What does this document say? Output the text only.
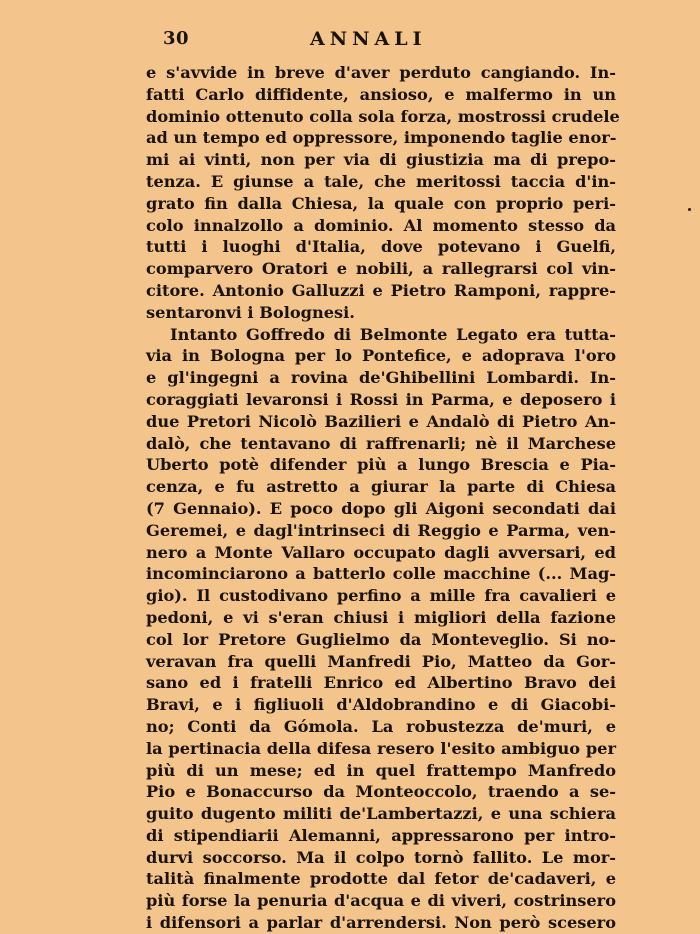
30	ANNALI
e s'avvide in breve d'aver perduto cangiando. In-
fatti Carlo diffidente, ansioso, e malfermo in un
dominio ottenuto colla sola forza, mostrossi crudele
ad un tempo ed oppressore, imponendo taglie enor-
mi ai vinti, non per via di giustizia ma di prepo-
tenza. E giunse a tale, che meritossi taccia d'in-
grato fin dalla Chiesa, la quale con proprio peri-
colo innalzollo a dominio. Al momento stesso da
tutti i luoghi d'Italia, dove potevano i Guelfi,
comparvero Oratori e nobili, a rallegrarsi col vin-
citore. Antonio Galluzzi e Pietro Ramponi, rappre-
sentaronvi i Bolognesi.
Intanto Goffredo di Belmonte Legato era tutta-
via in Bologna per lo Pontefice, e adoprava l'oro
e gl'ingegni a rovina de'Ghibellini Lombardi. In-
coraggiati levaronsi i Rossi in Parma, e deposero i
due Pretori Nicolò Bazilieri e Andalò di Pietro An-
dalò, che tentavano di raffrenarli; nè il Marchese
Uberto potè difender più a lungo Brescia e Pia-
cenza, e fu astretto a giurar la parte di Chiesa
(7 Gennaio). E poco dopo gli Aigoni secondati dai
Geremei, e dagl'intrinseci di Reggio e Parma, ven-
nero a Monte Vallaro occupato dagli avversari, ed
incominciarono a batterlo colle macchine (... Mag-
gio). Il custodivano perfino a mille fra cavalieri e
pedoni, e vi s'eran chiusi i migliori della fazione
col lor Pretore Guglielmo da Monteveglio. Si no-
veravan fra quelli Manfredi Pio, Matteo da Gor-
sano ed i fratelli Enrico ed Albertino Bravo dei
Bravi, e i figliuoli d'Aldobrandino e di Giacobi-
no; Conti da Gómola. La robustezza de'muri, e
la pertinacia della difesa resero l'esito ambiguo per
più di un mese; ed in quel frattempo Manfredo
Pio e Bonaccurso da Monteoccolo, traendo a se-
guito dugento militi de'Lambertazzi, e una schiera
di stipendiarii Alemanni, appressarono per intro-
durvi soccorso. Ma il colpo tornò fallito. Le mor-
talità finalmente prodotte dal fetor de'cadaveri, e
più forse la penuria d'acqua e di viveri, costrinsero
i difensori a parlar d'arrendersi. Non però scesero
